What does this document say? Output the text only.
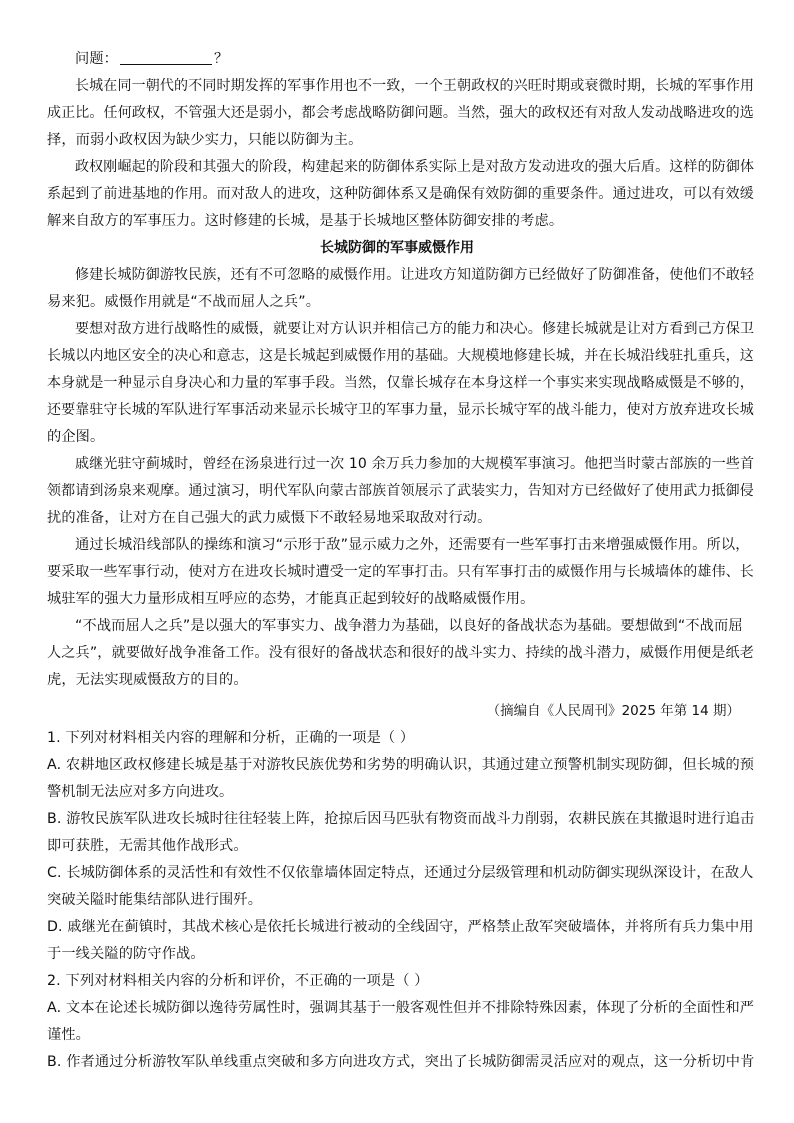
问题：	？
长城在同一朝代的不同时期发挥的军事作用也不一致，一个王朝政权的兴旺时期或衰微时期，长城的军事作用
成正比。任何政权，不管强大还是弱小，都会考虑战略防御问题。当然，强大的政权还有对敌人发动战略进攻的选
择，而弱小政权因为缺少实力，只能以防御为主。
政权刚崛起的阶段和其强大的阶段，构建起来的防御体系实际上是对敌方发动进攻的强大后盾。这样的防御体
系起到了前进基地的作用。而对敌人的进攻，这种防御体系又是确保有效防御的重要条件。通过进攻，可以有效缓
解来自敌方的军事压力。这时修建的长城，是基于长城地区整体防御安排的考虑。
长城防御的军事威慑作用
修建长城防御游牧民族，还有不可忽略的威慑作用。让进攻方知道防御方已经做好了防御准备，使他们不敢轻
易来犯。威慑作用就是“不战而屈人之兵”。
要想对敌方进行战略性的威慑，就要让对方认识并相信己方的能力和决心。修建长城就是让对方看到己方保卫
长城以内地区安全的决心和意志，这是长城起到威慑作用的基础。大规模地修建长城，并在长城沿线驻扎重兵，这
本身就是一种显示自身决心和力量的军事手段。当然，仅靠长城存在本身这样一个事实来实现战略威慑是不够的，
还要靠驻守长城的军队进行军事活动来显示长城守卫的军事力量，显示长城守军的战斗能力，使对方放弃进攻长城
的企图。
戚继光驻守蓟城时，曾经在汤泉进行过一次 10 余万兵力参加的大规模军事演习。他把当时蒙古部族的一些首
领都请到汤泉来观摩。通过演习，明代军队向蒙古部族首领展示了武装实力，告知对方已经做好了使用武力抵御侵
扰的准备，让对方在自己强大的武力威慑下不敢轻易地采取敌对行动。
通过长城沿线部队的操练和演习“示形于敌”显示威力之外，还需要有一些军事打击来增强威慑作用。所以，
要采取一些军事行动，使对方在进攻长城时遭受一定的军事打击。只有军事打击的威慑作用与长城墙体的雄伟、长
城驻军的强大力量形成相互呼应的态势，才能真正起到较好的战略威慑作用。
“不战而屈人之兵”是以强大的军事实力、战争潜力为基础，以良好的备战状态为基础。要想做到“不战而屈
人之兵”，就要做好战争准备工作。没有很好的备战状态和很好的战斗实力、持续的战斗潜力，威慑作用便是纸老
虎，无法实现威慑敌方的目的。
（摘编自《人民周刊》2025 年第 14 期）
1. 下列对材料相关内容的理解和分析，正确的一项是（ ）
A. 农耕地区政权修建长城是基于对游牧民族优势和劣势的明确认识，其通过建立预警机制实现防御，但长城的预
警机制无法应对多方向进攻。
B. 游牧民族军队进攻长城时往往轻装上阵，抢掠后因马匹驮有物资而战斗力削弱，农耕民族在其撤退时进行追击
即可获胜，无需其他作战形式。
C. 长城防御体系的灵活性和有效性不仅依靠墙体固定特点，还通过分层级管理和机动防御实现纵深设计，在敌人
突破关隘时能集结部队进行围歼。
D. 戚继光在蓟镇时，其战术核心是依托长城进行被动的全线固守，严格禁止敌军突破墙体，并将所有兵力集中用
于一线关隘的防守作战。
2. 下列对材料相关内容的分析和评价，不正确的一项是（ ）
A. 文本在论述长城防御以逸待劳属性时，强调其基于一般客观性但并不排除特殊因素，体现了分析的全面性和严
谨性。
B. 作者通过分析游牧军队单线重点突破和多方向进攻方式，突出了长城防御需灵活应对的观点，这一分析切中肯
